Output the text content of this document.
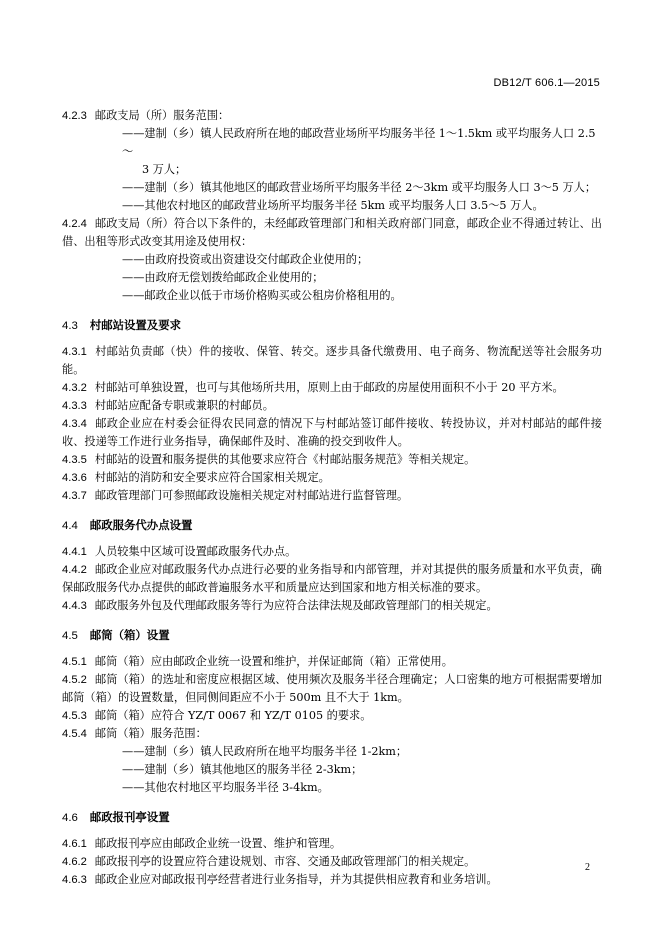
DB12/T 606.1—2015

4.2.3 邮政支局（所）服务范围：

——建制（乡）镇人民政府所在地的邮政营业场所平均服务半径 1～1.5km 或平均服务人口 2.5～

3 万人；

——建制（乡）镇其他地区的邮政营业场所平均服务半径 2～3km 或平均服务人口 3～5 万人；

——其他农村地区的邮政营业场所平均服务半径 5km 或平均服务人口 3.5～5 万人。

4.2.4 邮政支局（所）符合以下条件的，未经邮政管理部门和相关政府部门同意，邮政企业不得通过转让、出借、出租等形式改变其用途及使用权：

——由政府投资或出资建设交付邮政企业使用的；

——由政府无偿划拨给邮政企业使用的；

——邮政企业以低于市场价格购买或公租房价格租用的。

4.3 村邮站设置及要求

4.3.1 村邮站负责邮（快）件的接收、保管、转交。逐步具备代缴费用、电子商务、物流配送等社会服务功能。

4.3.2 村邮站可单独设置，也可与其他场所共用，原则上由于邮政的房屋使用面积不小于 20 平方米。

4.3.3 村邮站应配备专职或兼职的村邮员。

4.3.4 邮政企业应在村委会征得农民同意的情况下与村邮站签订邮件接收、转投协议，并对村邮站的邮件接收、投递等工作进行业务指导，确保邮件及时、准确的投交到收件人。

4.3.5 村邮站的设置和服务提供的其他要求应符合《村邮站服务规范》等相关规定。

4.3.6 村邮站的消防和安全要求应符合国家相关规定。

4.3.7 邮政管理部门可参照邮政设施相关规定对村邮站进行监督管理。

4.4 邮政服务代办点设置

4.4.1 人员较集中区域可设置邮政服务代办点。

4.4.2 邮政企业应对邮政服务代办点进行必要的业务指导和内部管理，并对其提供的服务质量和水平负责，确保邮政服务代办点提供的邮政普遍服务水平和质量应达到国家和地方相关标准的要求。

4.4.3 邮政服务外包及代理邮政服务等行为应符合法律法规及邮政管理部门的相关规定。

4.5 邮筒（箱）设置

4.5.1 邮筒（箱）应由邮政企业统一设置和维护，并保证邮筒（箱）正常使用。

4.5.2 邮筒（箱）的选址和密度应根据区域、使用频次及服务半径合理确定；人口密集的地方可根据需要增加邮筒（箱）的设置数量，但同侧间距应不小于 500m 且不大于 1km。

4.5.3 邮筒（箱）应符合 YZ/T 0067 和 YZ/T 0105 的要求。

4.5.4 邮筒（箱）服务范围：

——建制（乡）镇人民政府所在地平均服务半径 1-2km；

——建制（乡）镇其他地区的服务半径 2-3km；

——其他农村地区平均服务半径 3-4km。

4.6 邮政报刊亭设置

4.6.1 邮政报刊亭应由邮政企业统一设置、维护和管理。

4.6.2 邮政报刊亭的设置应符合建设规划、市容、交通及邮政管理部门的相关规定。

4.6.3 邮政企业应对邮政报刊亭经营者进行业务指导，并为其提供相应教育和业务培训。

2
